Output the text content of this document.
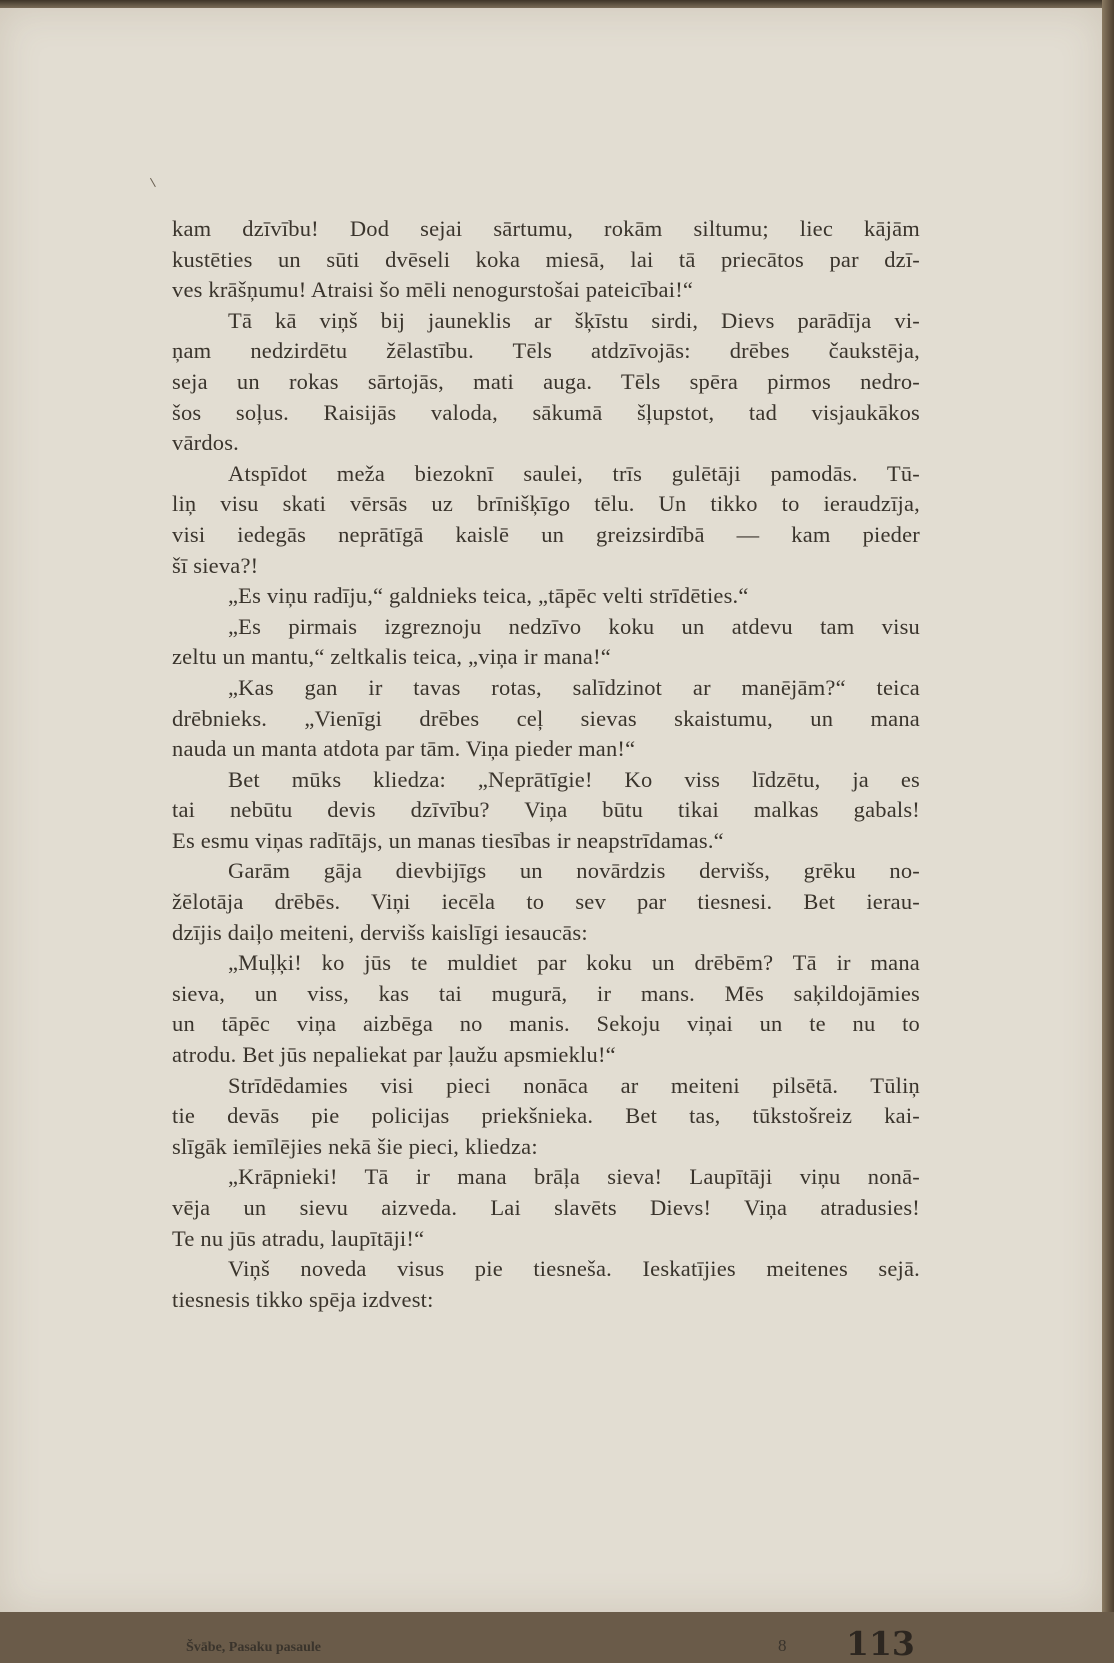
kam dzīvību! Dod sejai sārtumu, rokām siltumu; liec kājām
kustēties un sūti dvēseli koka miesā, lai tā priecātos par dzī-
ves krāšņumu! Atraisi šo mēli nenogurstošai pateicībai!“
Tā kā viņš bij jauneklis ar šķīstu sirdi, Dievs parādīja vi-
ņam nedzirdētu žēlastību. Tēls atdzīvojās: drēbes čaukstēja,
seja un rokas sārtojās, mati auga. Tēls spēra pirmos nedro-
šos soļus. Raisijās valoda, sākumā šļupstot, tad visjaukākos
vārdos.
Atspīdot meža biezoknī saulei, trīs gulētāji pamodās. Tū-
liņ visu skati vērsās uz brīnišķīgo tēlu. Un tikko to ieraudzīja,
visi iedegās neprātīgā kaislē un greizsirdībā — kam pieder
šī sieva?!
„Es viņu radīju,“ galdnieks teica, „tāpēc velti strīdēties.“
„Es pirmais izgreznoju nedzīvo koku un atdevu tam visu
zeltu un mantu,“ zeltkalis teica, „viņa ir mana!“
„Kas gan ir tavas rotas, salīdzinot ar manējām?“ teica
drēbnieks. „Vienīgi drēbes ceļ sievas skaistumu, un mana
nauda un manta atdota par tām. Viņa pieder man!“
Bet mūks kliedza: „Neprātīgie! Ko viss līdzētu, ja es
tai nebūtu devis dzīvību? Viņa būtu tikai malkas gabals!
Es esmu viņas radītājs, un manas tiesības ir neapstrīdamas.“
Garām gāja dievbijīgs un novārdzis dervišs, grēku no-
žēlotāja drēbēs. Viņi iecēla to sev par tiesnesi. Bet ierau-
dzījis daiļo meiteni, dervišs kaislīgi iesaucās:
„Muļķi! ko jūs te muldiet par koku un drēbēm? Tā ir mana
sieva, un viss, kas tai mugurā, ir mans. Mēs saķildojāmies
un tāpēc viņa aizbēga no manis. Sekoju viņai un te nu to
atrodu. Bet jūs nepaliekat par ļaužu apsmieklu!“
Strīdēdamies visi pieci nonāca ar meiteni pilsētā. Tūliņ
tie devās pie policijas priekšnieka. Bet tas, tūkstošreiz kai-
slīgāk iemīlējies nekā šie pieci, kliedza:
„Krāpnieki! Tā ir mana brāļa sieva! Laupītāji viņu nonā-
vēja un sievu aizveda. Lai slavēts Dievs! Viņa atradusies!
Te nu jūs atradu, laupītāji!“
Viņš noveda visus pie tiesneša. Ieskatījies meitenes sejā.
tiesnesis tikko spēja izdvest:
Švābe, Pasaku pasaule	8 113
